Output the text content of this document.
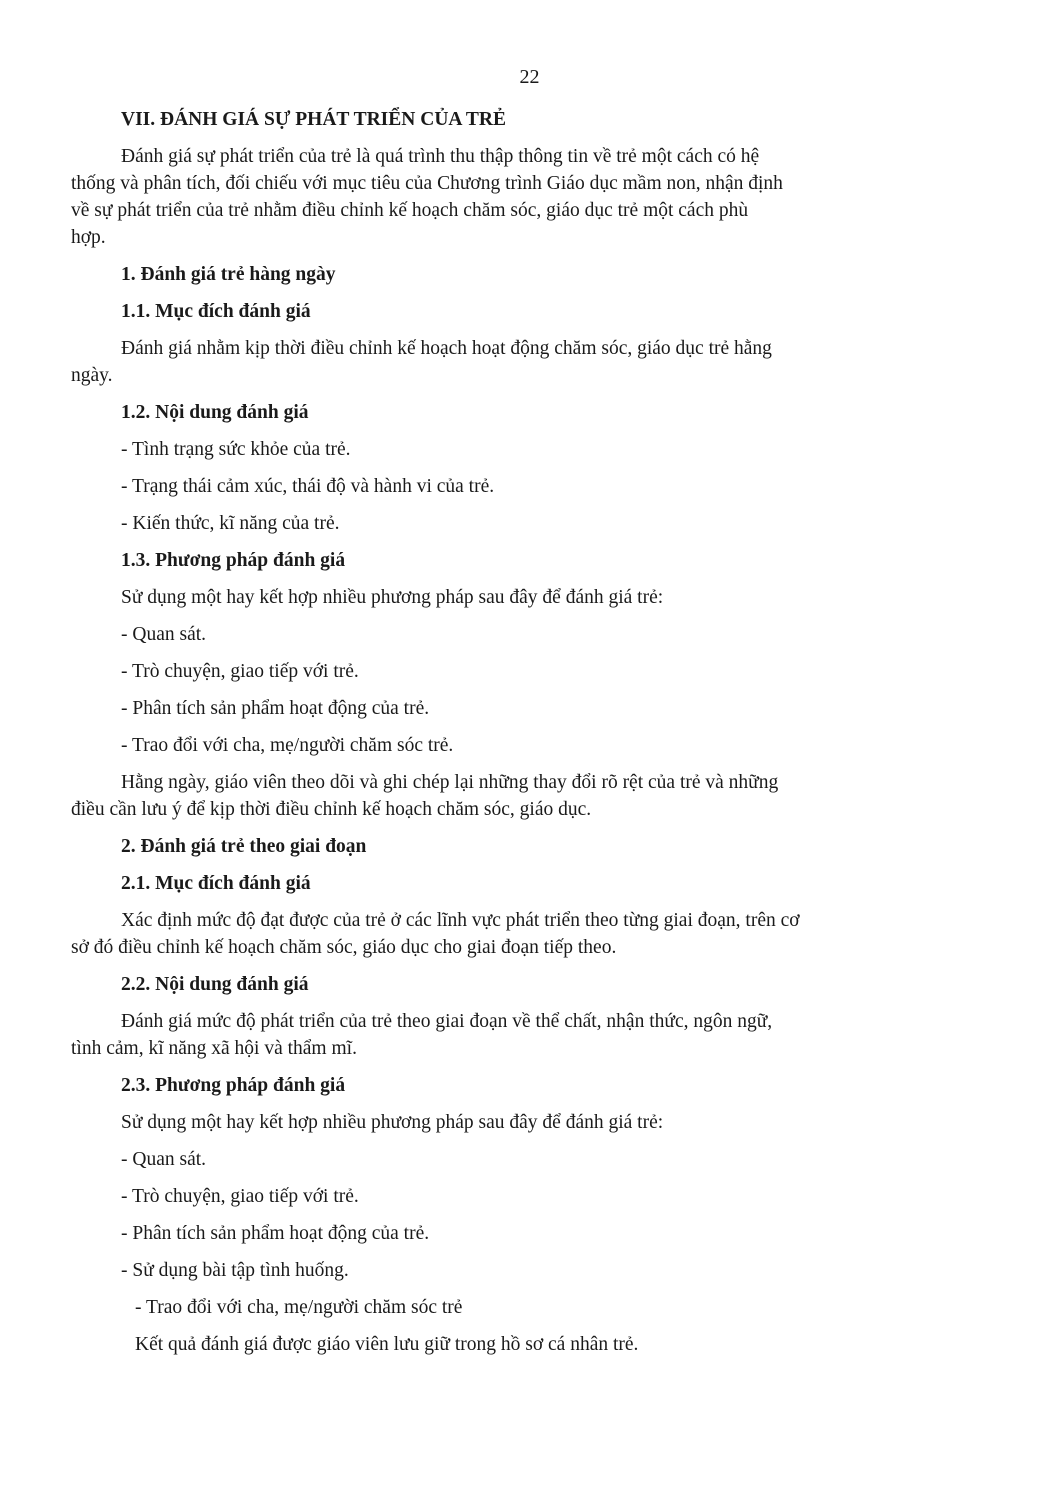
22
VII. ĐÁNH GIÁ SỰ PHÁT TRIỂN CỦA TRẺ
Đánh giá sự phát triển của trẻ là quá trình thu thập thông tin về trẻ một cách có hệ
thống và phân tích, đối chiếu với mục tiêu của Chương trình Giáo dục mầm non, nhận định
về sự phát triển của trẻ nhằm điều chỉnh kế hoạch chăm sóc, giáo dục trẻ một cách phù
hợp.
1. Đánh giá trẻ hàng ngày
1.1. Mục đích đánh giá
Đánh giá nhằm kịp thời điều chỉnh kế hoạch hoạt động chăm sóc, giáo dục trẻ hằng
ngày.
1.2. Nội dung đánh giá
- Tình trạng sức khỏe của trẻ.
- Trạng thái cảm xúc, thái độ và hành vi của trẻ.
- Kiến thức, kĩ năng của trẻ.
1.3. Phương pháp đánh giá
Sử dụng một hay kết hợp nhiều phương pháp sau đây để đánh giá trẻ:
- Quan sát.
- Trò chuyện, giao tiếp với trẻ.
- Phân tích sản phẩm hoạt động của trẻ.
- Trao đổi với cha, mẹ/người chăm sóc trẻ.
Hằng ngày, giáo viên theo dõi và ghi chép lại những thay đổi rõ rệt của trẻ và những
điều cần lưu ý để kịp thời điều chỉnh kế hoạch chăm sóc, giáo dục.
2. Đánh giá trẻ theo giai đoạn
2.1. Mục đích đánh giá
Xác định mức độ đạt được của trẻ ở các lĩnh vực phát triển theo từng giai đoạn, trên cơ
sở đó điều chỉnh kế hoạch chăm sóc, giáo dục cho giai đoạn tiếp theo.
2.2. Nội dung đánh giá
Đánh giá mức độ phát triển của trẻ theo giai đoạn về thể chất, nhận thức, ngôn ngữ,
tình cảm, kĩ năng xã hội và thẩm mĩ.
2.3. Phương pháp đánh giá
Sử dụng một hay kết hợp nhiều phương pháp sau đây để đánh giá trẻ:
- Quan sát.
- Trò chuyện, giao tiếp với trẻ.
- Phân tích sản phẩm hoạt động của trẻ.
- Sử dụng bài tập tình huống.
- Trao đổi với cha, mẹ/người chăm sóc trẻ
Kết quả đánh giá được giáo viên lưu giữ trong hồ sơ cá nhân trẻ.
